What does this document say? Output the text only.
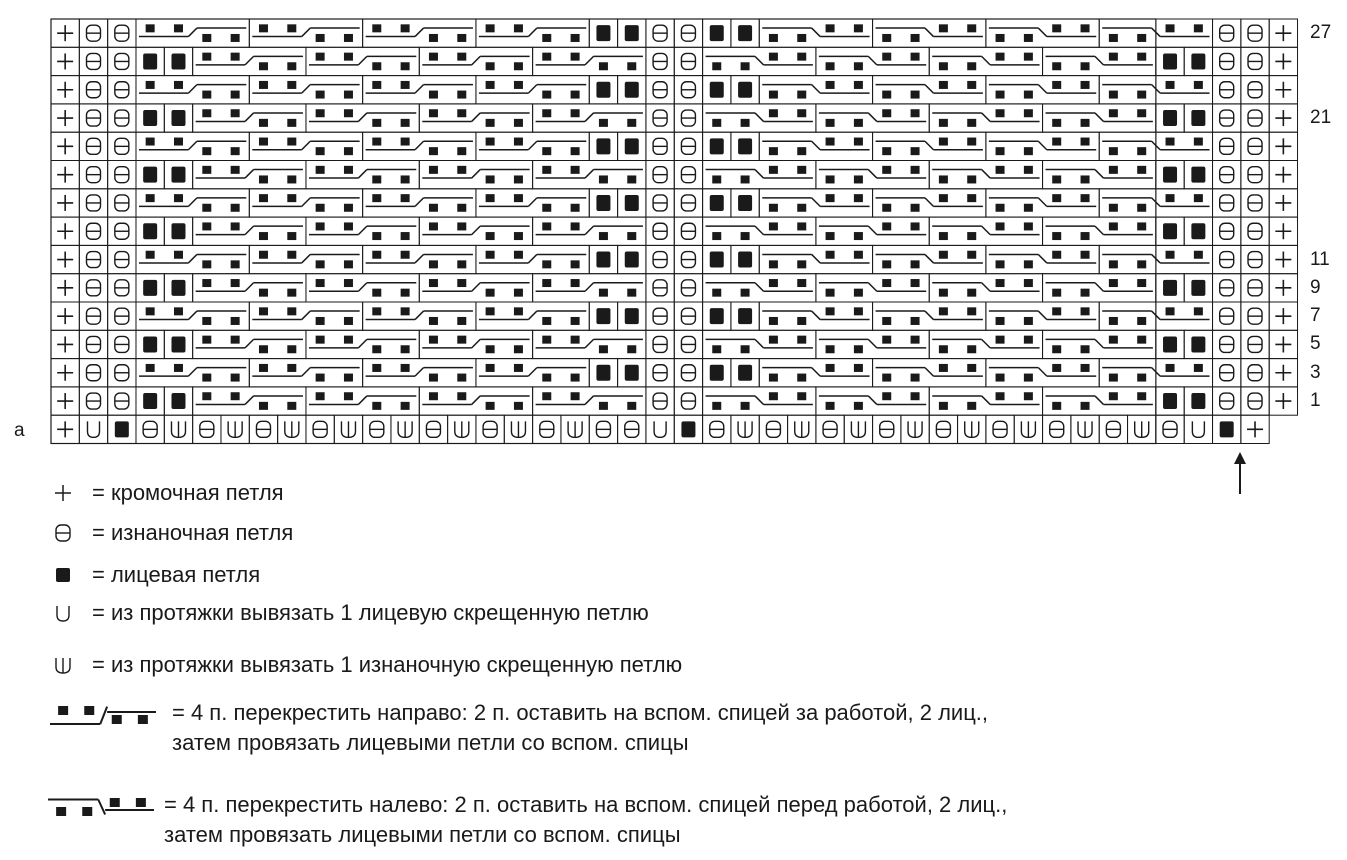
a
27
21
11
9
7
5
3
1
= кромочная петля
= изнаночная петля
= лицевая петля
= из протяжки вывязать 1 лицевую скрещенную петлю
= из протяжки вывязать 1 изнаночную скрещенную петлю
= 4 п. перекрестить направо: 2 п. оставить на вспом. спицей за работой, 2 лиц.,
затем провязать лицевыми петли со вспом. спицы
= 4 п. перекрестить налево: 2 п. оставить на вспом. спицей перед работой, 2 лиц.,
затем провязать лицевыми петли со вспом. спицы
